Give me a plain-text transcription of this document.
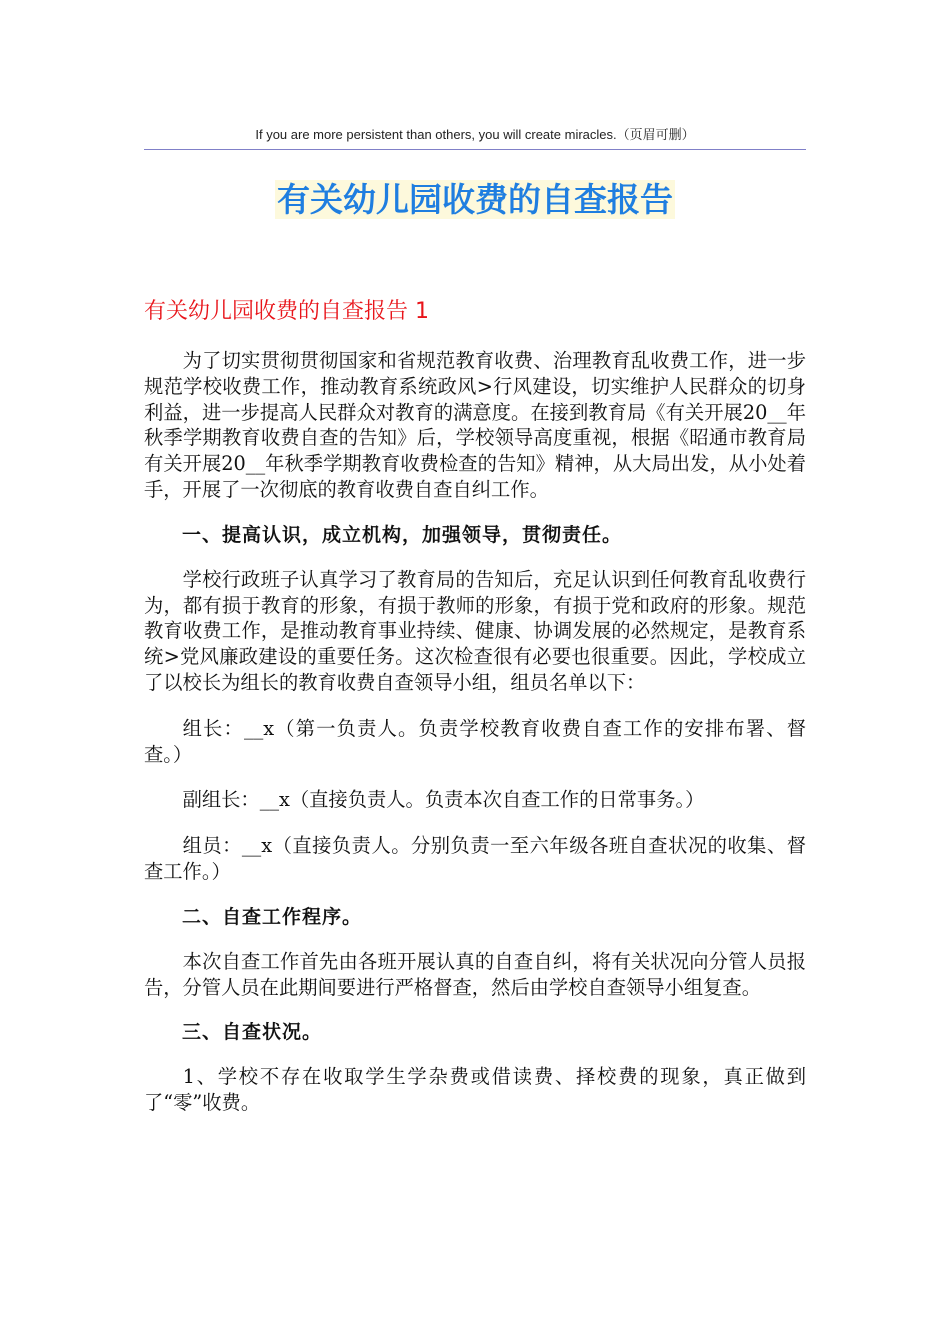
If you are more persistent than others, you will create miracles.（页眉可删）
有关幼儿园收费的自查报告
有关幼儿园收费的自查报告 1

为了切实贯彻贯彻国家和省规范教育收费、治理教育乱收费工作，进一步规范学校收费工作，推动教育系统政风>行风建设，切实维护人民群众的切身利益，进一步提高人民群众对教育的满意度。在接到教育局《有关开展20__年秋季学期教育收费自查的告知》后，学校领导高度重视，根据《昭通市教育局有关开展20__年秋季学期教育收费检查的告知》精神，从大局出发，从小处着手，开展了一次彻底的教育收费自查自纠工作。

一、提高认识，成立机构，加强领导，贯彻责任。

学校行政班子认真学习了教育局的告知后，充足认识到任何教育乱收费行为，都有损于教育的形象，有损于教师的形象，有损于党和政府的形象。规范教育收费工作，是推动教育事业持续、健康、协调发展的必然规定，是教育系统>党风廉政建设的重要任务。这次检查很有必要也很重要。因此，学校成立了以校长为组长的教育收费自查领导小组，组员名单以下：

组长：__x（第一负责人。负责学校教育收费自查工作的安排布署、督查。）

副组长：__x（直接负责人。负责本次自查工作的日常事务。）

组员：__x（直接负责人。分别负责一至六年级各班自查状况的收集、督查工作。）

二、自查工作程序。

本次自查工作首先由各班开展认真的自查自纠，将有关状况向分管人员报告，分管人员在此期间要进行严格督查，然后由学校自查领导小组复查。

三、自查状况。

1、学校不存在收取学生学杂费或借读费、择校费的现象，真正做到了“零”收费。
